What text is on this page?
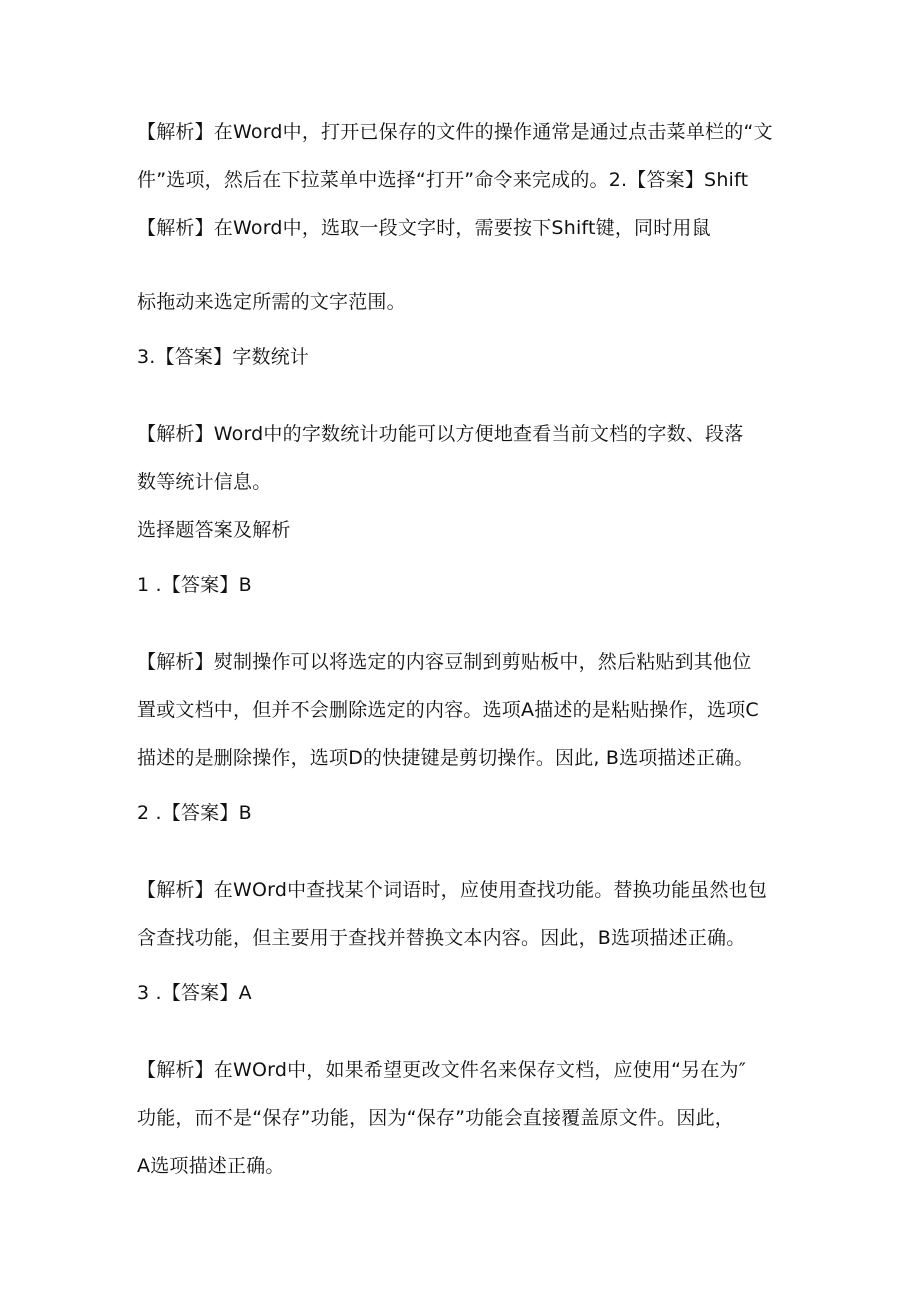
【解析】在Word中，打开已保存的文件的操作通常是通过点击菜单栏的“文
件”选项，然后在下拉菜单中选择“打开”命令来完成的。2.【答案】Shift
【解析】在Word中，选取一段文字时，需要按下Shift键，同时用鼠
标拖动来选定所需的文字范围。
3.【答案】字数统计
【解析】Word中的字数统计功能可以方便地查看当前文档的字数、段落
数等统计信息。
选择题答案及解析
1 .【答案】B
【解析】熨制操作可以将选定的内容豆制到剪贴板中，然后粘贴到其他位
置或文档中，但并不会删除选定的内容。选项A描述的是粘贴操作，选项C
描述的是删除操作，选项D的快捷键是剪切操作。因此, B选项描述正确。
2 .【答案】B
【解析】在WOrd中查找某个词语时，应使用查找功能。替换功能虽然也包
含查找功能，但主要用于查找并替换文本内容。因此，B选项描述正确。
3 .【答案】A
【解析】在WOrd中，如果希望更改文件名来保存文档，应使用“另在为″
功能，而不是“保存”功能，因为“保存”功能会直接覆盖原文件。因此，
A选项描述正确。
